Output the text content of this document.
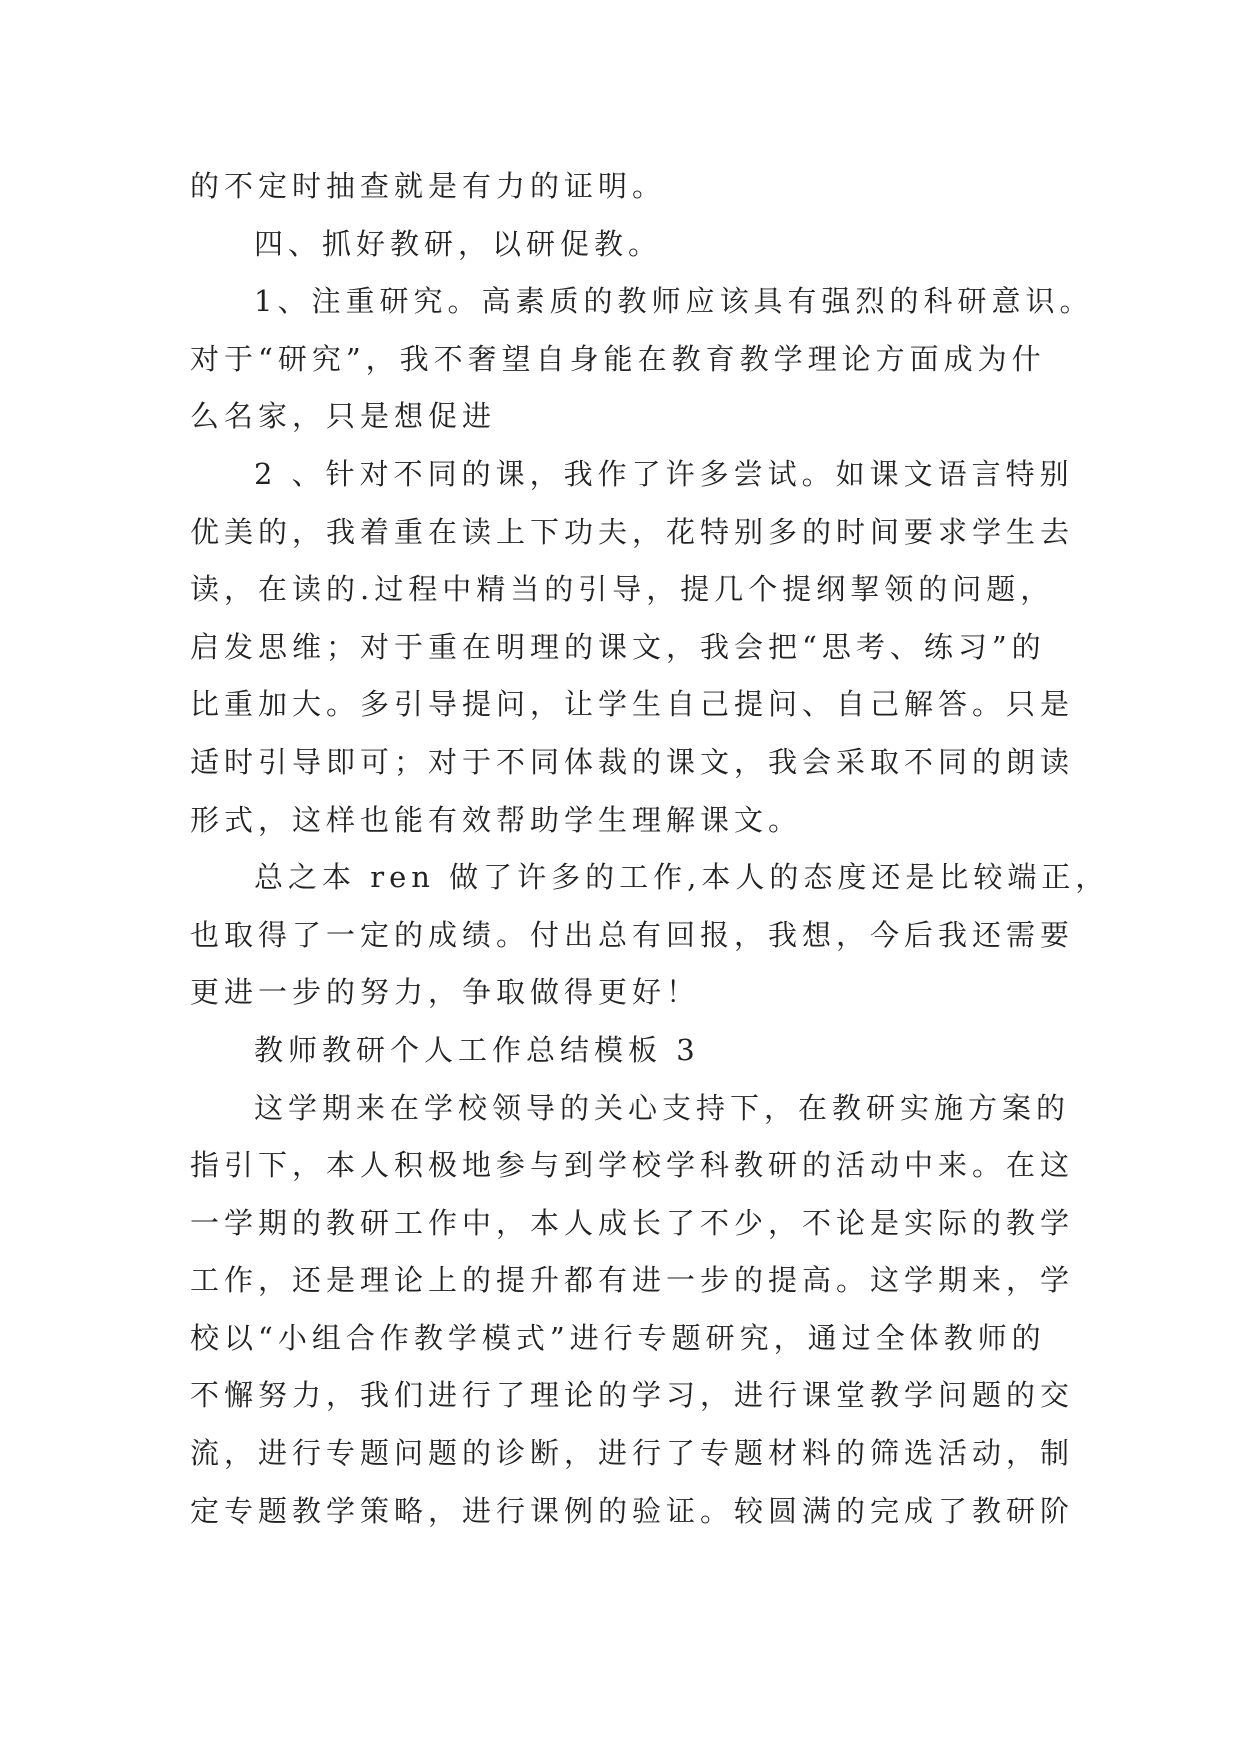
的不定时抽查就是有力的证明。
四、抓好教研，以研促教。
1、注重研究。高素质的教师应该具有强烈的科研意识。
对于“研究”，我不奢望自身能在教育教学理论方面成为什
么名家，只是想促进
2 、针对不同的课，我作了许多尝试。如课文语言特别
优美的，我着重在读上下功夫，花特别多的时间要求学生去
读，在读的.过程中精当的引导，提几个提纲挈领的问题，
启发思维；对于重在明理的课文，我会把“思考、练习”的
比重加大。多引导提问，让学生自己提问、自己解答。只是
适时引导即可；对于不同体裁的课文，我会采取不同的朗读
形式，这样也能有效帮助学生理解课文。
总之本 ren 做了许多的工作,本人的态度还是比较端正，
也取得了一定的成绩。付出总有回报，我想，今后我还需要
更进一步的努力，争取做得更好！
教师教研个人工作总结模板 3
这学期来在学校领导的关心支持下，在教研实施方案的
指引下，本人积极地参与到学校学科教研的活动中来。在这
一学期的教研工作中，本人成长了不少，不论是实际的教学
工作，还是理论上的提升都有进一步的提高。这学期来，学
校以“小组合作教学模式”进行专题研究，通过全体教师的
不懈努力，我们进行了理论的学习，进行课堂教学问题的交
流，进行专题问题的诊断，进行了专题材料的筛选活动，制
定专题教学策略，进行课例的验证。较圆满的完成了教研阶
